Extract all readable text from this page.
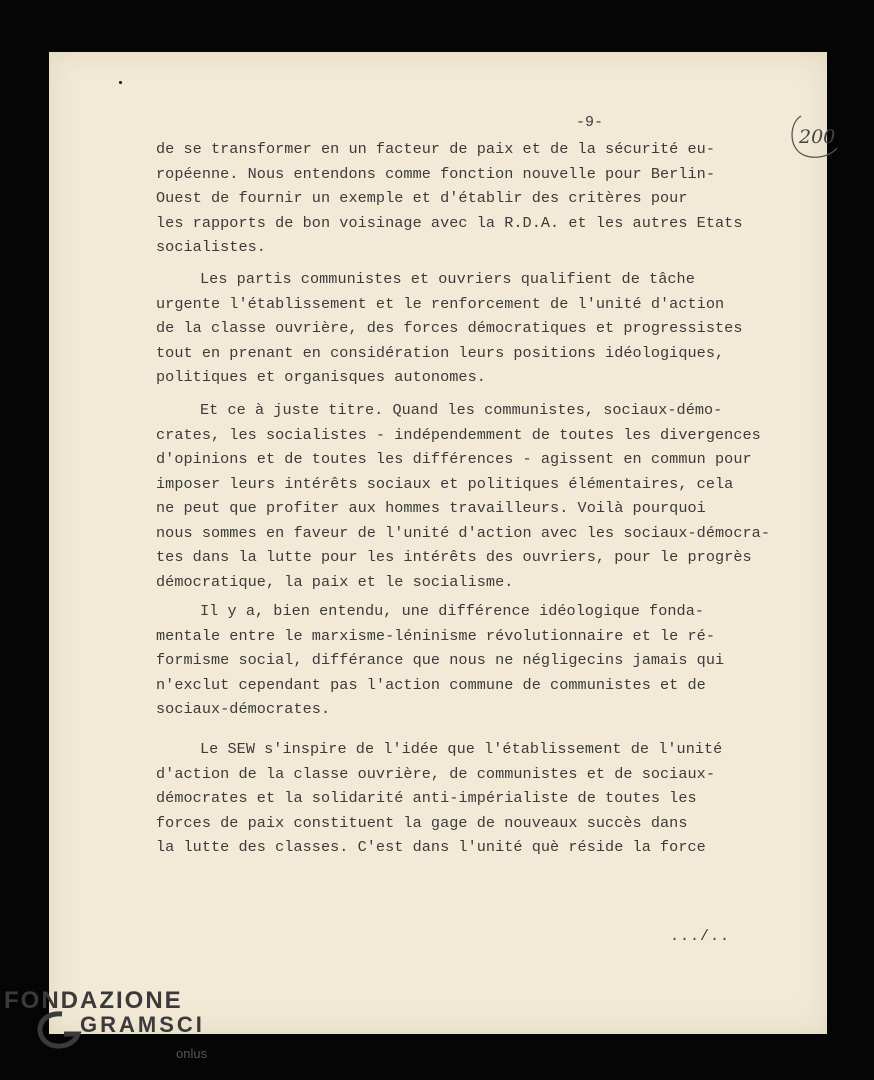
200
-9-
de se transformer en un facteur de paix et de la sécurité eu-
ropéenne. Nous entendons comme fonction nouvelle pour Berlin-
Ouest de fournir un exemple et d'établir des critères pour
les rapports de bon voisinage avec la R.D.A. et les autres Etats
socialistes.
Les partis communistes et ouvriers qualifient de tâche
urgente l'établissement et le renforcement de l'unité d'action
de la classe ouvrière, des forces démocratiques et progressistes
tout en prenant en considération leurs positions idéologiques,
politiques et organisques autonomes.
Et ce à juste titre. Quand les communistes, sociaux-démo-
crates, les socialistes - indépendemment de toutes les divergences
d'opinions et de toutes les différences - agissent en commun pour
imposer leurs intérêts sociaux et politiques élémentaires, cela
ne peut que profiter aux hommes travailleurs. Voilà pourquoi
nous sommes en faveur de l'unité d'action avec les sociaux-démocra-
tes dans la lutte pour les intérêts des ouvriers, pour le progrès
démocratique, la paix et le socialisme.
Il y a, bien entendu, une différence idéologique fonda-
mentale entre le marxisme-léninisme révolutionnaire et le ré-
formisme social, différance que nous ne négligecins jamais qui
n'exclut cependant pas l'action commune de communistes et de
sociaux-démocrates.
Le SEW s'inspire de l'idée que l'établissement de l'unité
d'action de la classe ouvrière, de communistes et de sociaux-
démocrates et la solidarité anti-impérialiste de toutes les
forces de paix constituent la gage de nouveaux succès dans
la lutte des classes. C'est dans l'unité què réside la force
.../..
FONDAZIONE
GRAMSCI
onlus
